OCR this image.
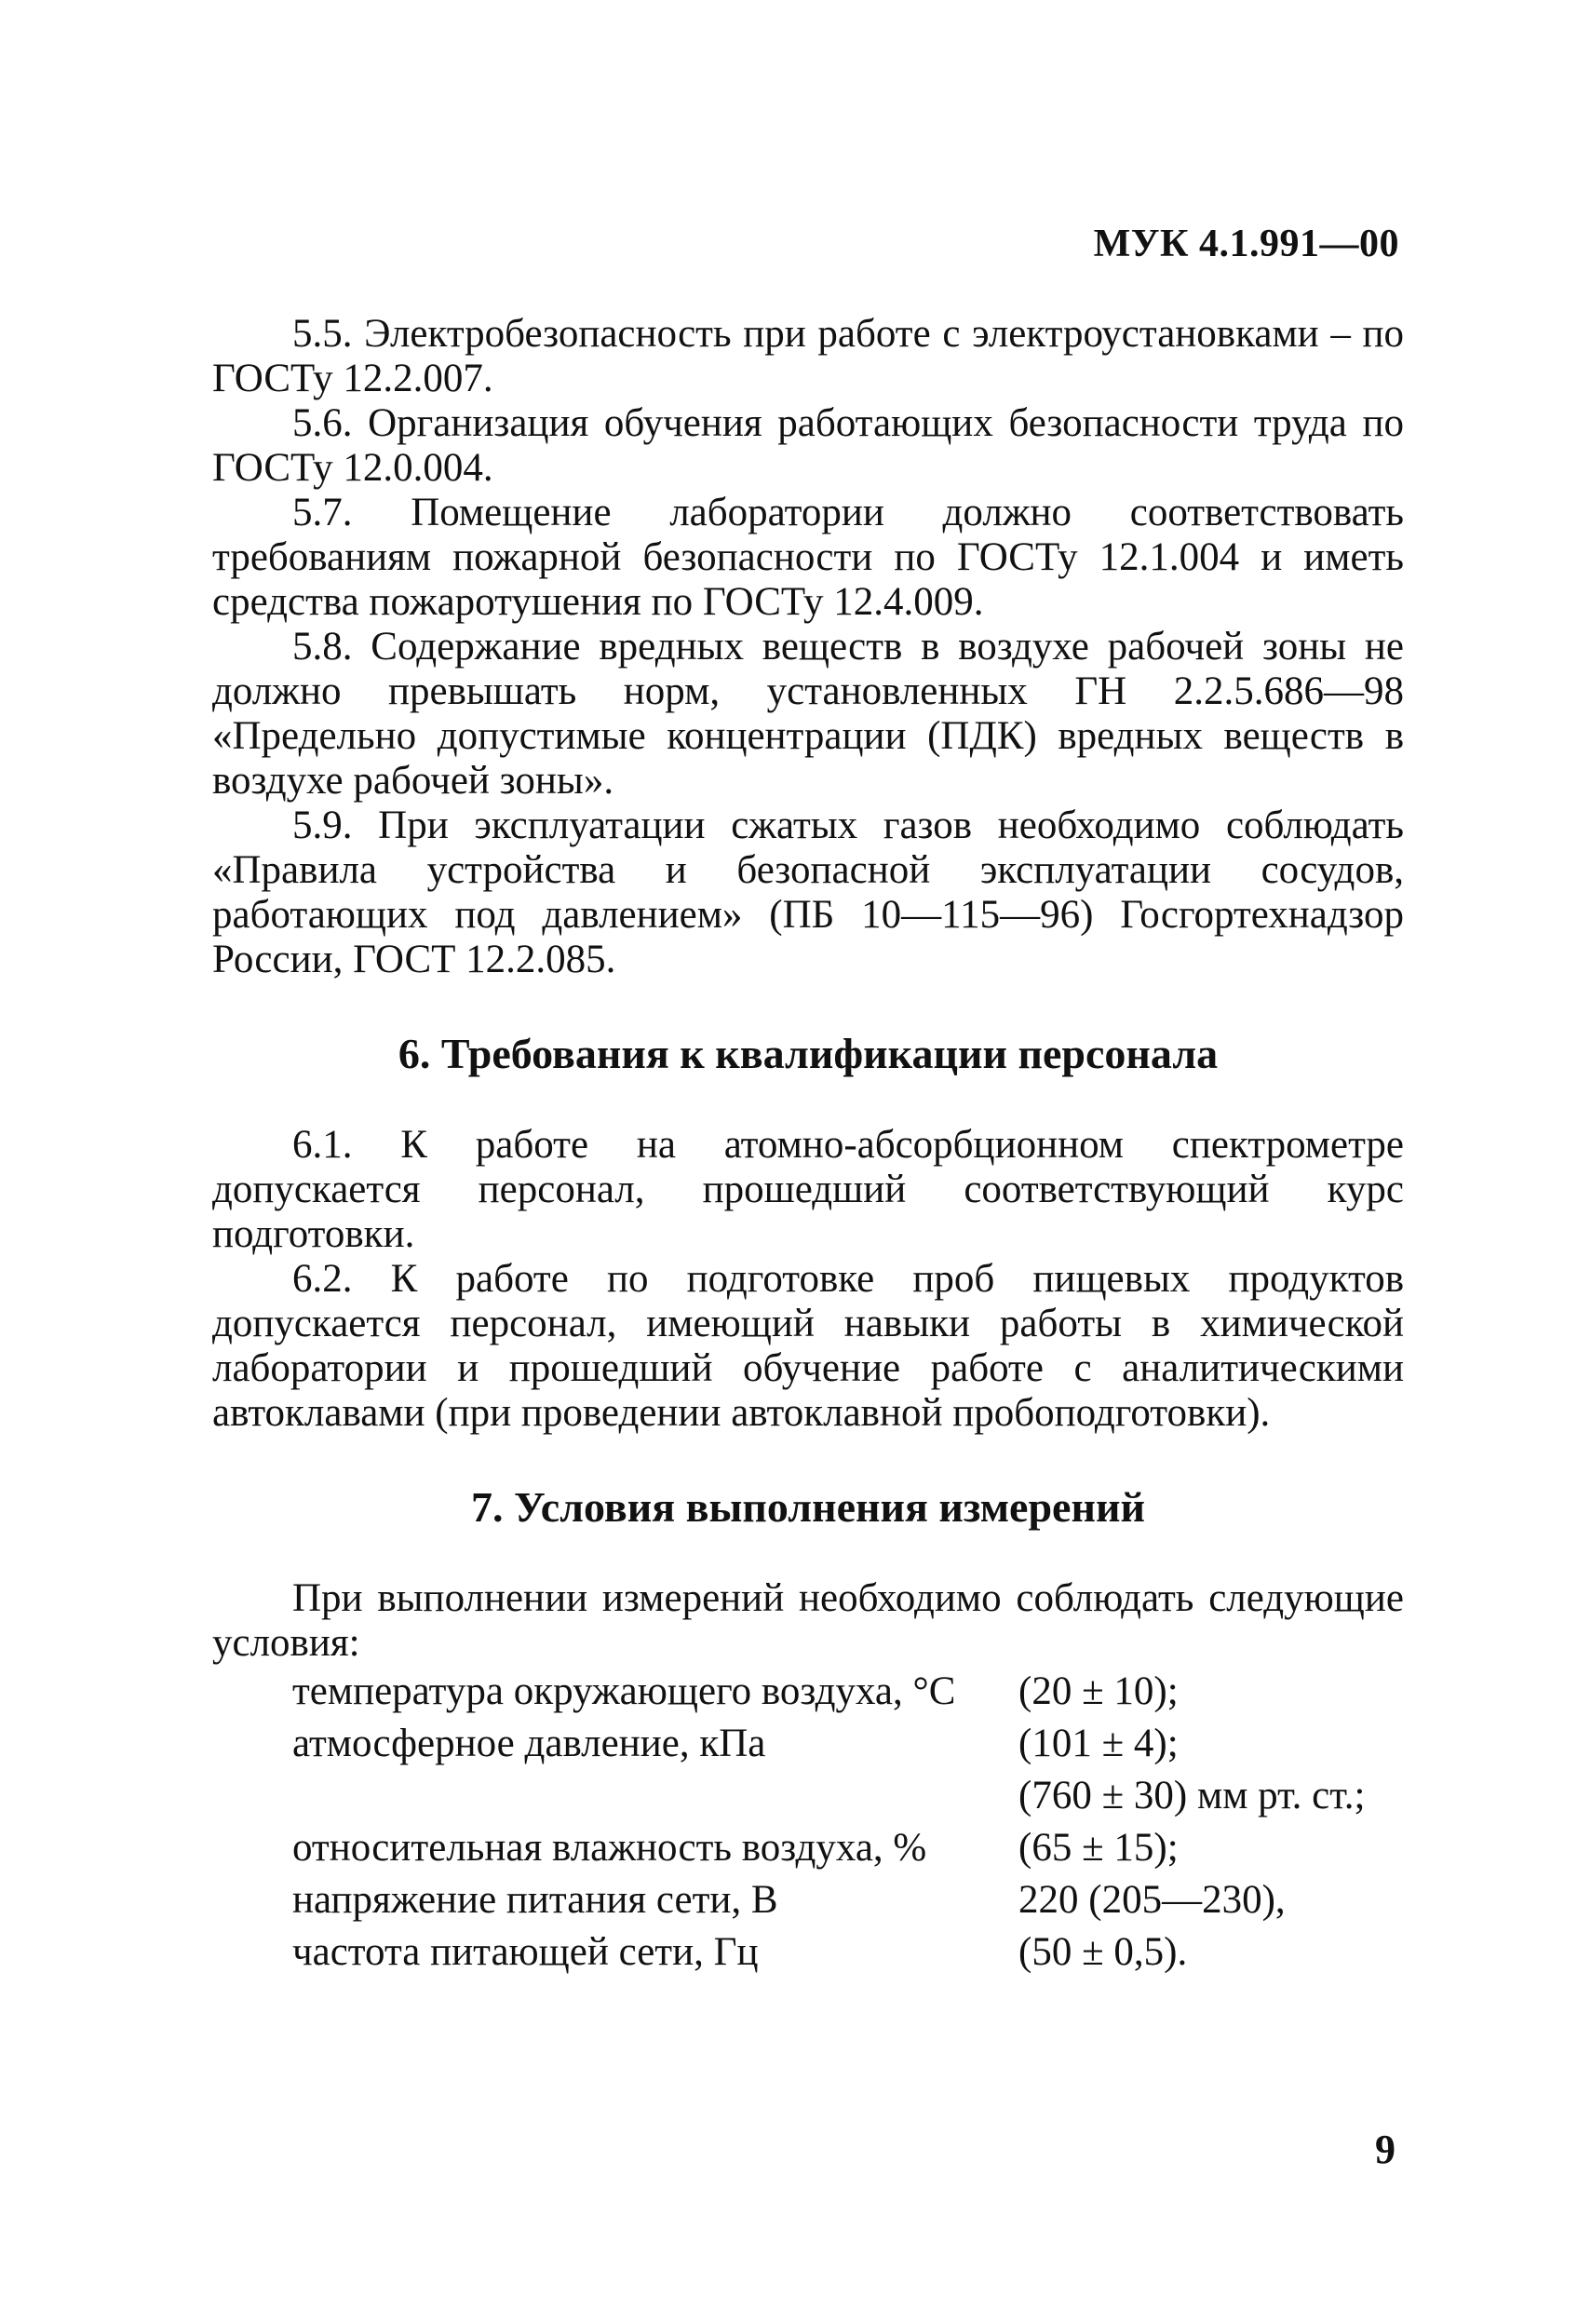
МУК 4.1.991—00

5.5. Электробезопасность при работе с электроустановками – по ГОСТу 12.2.007.

5.6. Организация обучения работающих безопасности труда по ГОСТу 12.0.004.

5.7. Помещение лаборатории должно соответствовать требованиям пожарной безопасности по ГОСТу 12.1.004 и иметь средства пожаротушения по ГОСТу 12.4.009.

5.8. Содержание вредных веществ в воздухе рабочей зоны не должно превышать норм, установленных ГН 2.2.5.686—98 «Предельно допустимые концентрации (ПДК) вредных веществ в воздухе рабочей зоны».

5.9. При эксплуатации сжатых газов необходимо соблюдать «Правила устройства и безопасной эксплуатации сосудов, работающих под давлением» (ПБ 10—115—96) Госгортехнадзор России, ГОСТ 12.2.085.

6. Требования к квалификации персонала

6.1. К работе на атомно-абсорбционном спектрометре допускается персонал, прошедший соответствующий курс подготовки.

6.2. К работе по подготовке проб пищевых продуктов допускается персонал, имеющий навыки работы в химической лаборатории и прошедший обучение работе с аналитическими автоклавами (при проведении автоклавной пробоподготовки).

7. Условия выполнения измерений

При выполнении измерений необходимо соблюдать следующие условия:

температура окружающего воздуха, °С	(20 ± 10);
атмосферное давление, кПа	(101 ± 4);
(760 ± 30) мм рт. ст.;
относительная влажность воздуха, %	(65 ± 15);
напряжение питания сети, В	220 (205—230),
частота питающей сети, Гц	(50 ± 0,5).
9
